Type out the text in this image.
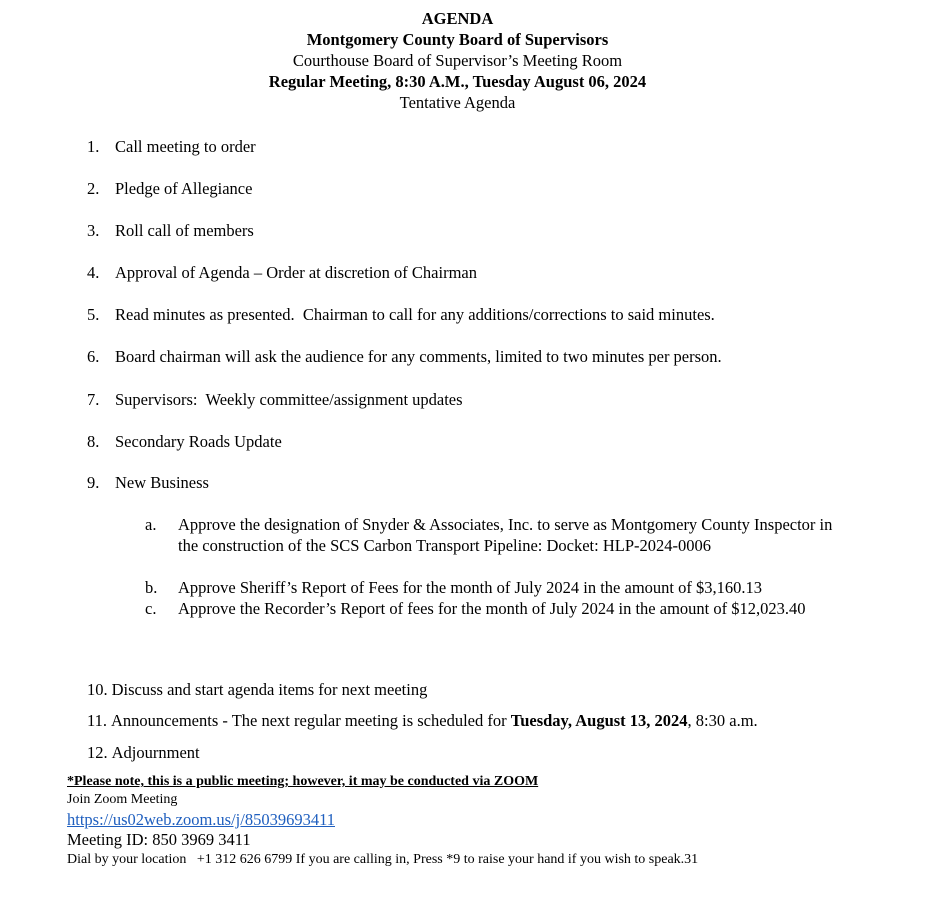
AGENDA
Montgomery County Board of Supervisors
Courthouse Board of Supervisor’s Meeting Room
Regular Meeting, 8:30 A.M., Tuesday August 06, 2024
Tentative Agenda
1. Call meeting to order
2. Pledge of Allegiance
3. Roll call of members
4. Approval of Agenda – Order at discretion of Chairman
5. Read minutes as presented.  Chairman to call for any additions/corrections to said minutes.
6. Board chairman will ask the audience for any comments, limited to two minutes per person.
7. Supervisors:  Weekly committee/assignment updates
8. Secondary Roads Update
9. New Business
a. Approve the designation of Snyder & Associates, Inc. to serve as Montgomery County Inspector in the construction of the SCS Carbon Transport Pipeline: Docket: HLP-2024-0006
b. Approve Sheriff’s Report of Fees for the month of July 2024 in the amount of $3,160.13
c. Approve the Recorder’s Report of fees for the month of July 2024 in the amount of $12,023.40
10. Discuss and start agenda items for next meeting
11. Announcements - The next regular meeting is scheduled for Tuesday, August 13, 2024, 8:30 a.m.
12. Adjournment
*Please note, this is a public meeting; however, it may be conducted via ZOOM
Join Zoom Meeting
https://us02web.zoom.us/j/85039693411
Meeting ID: 850 3969 3411
Dial by your location   +1 312 626 6799 If you are calling in, Press *9 to raise your hand if you wish to speak.31
